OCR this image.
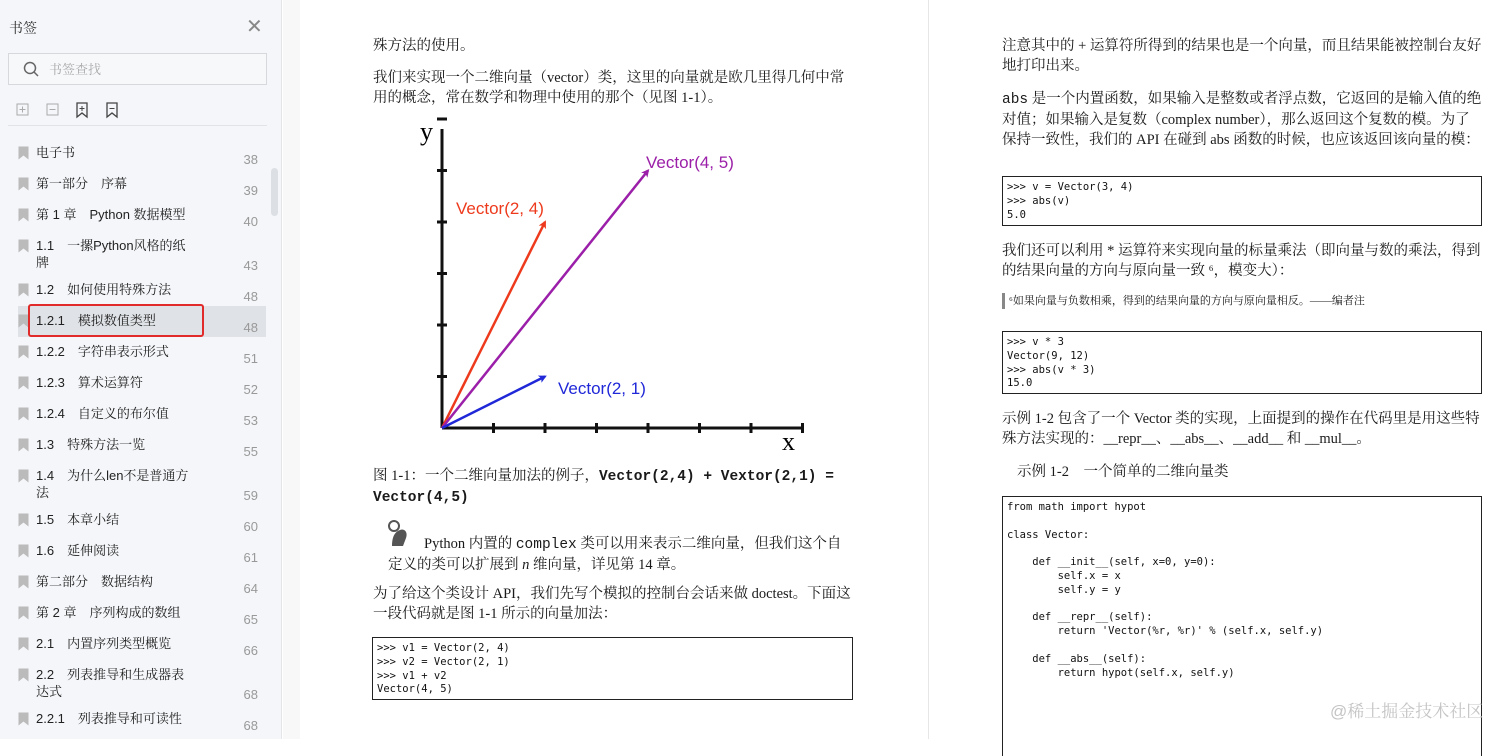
书签	✕
书签查找
电子书	38
第一部分　序幕	39
第 1 章　Python 数据模型	40
1.1　一摞Python风格的纸
牌	43
1.2　如何使用特殊方法	48
1.2.1　模拟数值类型	48
1.2.2　字符串表示形式	51
1.2.3　算术运算符	52
1.2.4　自定义的布尔值	53
1.3　特殊方法一览	55
1.4　为什么len不是普通方
法	59
1.5　本章小结	60
1.6　延伸阅读	61
第二部分　数据结构	64
第 2 章　序列构成的数组	65
2.1　内置序列类型概览	66
2.2　列表推导和生成器表
达式	68
2.2.1　列表推导和可读性	68
殊方法的使用。
我们来实现一个二维向量（vector）类，这里的向量就是欧几里得几何中常用的概念，常在数学和物理中使用的那个（见图 1-1）。
x
y
Vector(2, 4)
Vector(4, 5)
Vector(2, 1)
图 1-1：一个二维向量加法的例子，Vector(2,4) + Vextor(2,1) = Vector(4,5)
Python 内置的 complex 类可以用来表示二维向量，但我们这个自定义的类可以扩展到 n 维向量，详见第 14 章。
为了给这个类设计 API，我们先写个模拟的控制台会话来做 doctest。下面这一段代码就是图 1-1 所示的向量加法：
>>> v1 = Vector(2, 4)
>>> v2 = Vector(2, 1)
>>> v1 + v2
Vector(4, 5)
注意其中的 + 运算符所得到的结果也是一个向量，而且结果能被控制台友好地打印出来。
abs 是一个内置函数，如果输入是整数或者浮点数，它返回的是输入值的绝对值；如果输入是复数（complex number），那么返回这个复数的模。为了保持一致性，我们的 API 在碰到 abs 函数的时候，也应该返回该向量的模：
>>> v = Vector(3, 4)
>>> abs(v)
5.0
我们还可以利用 * 运算符来实现向量的标量乘法（即向量与数的乘法，得到的结果向量的方向与原向量一致 ⁶，模变大）：
⁶如果向量与负数相乘，得到的结果向量的方向与原向量相反。——编者注
>>> v * 3
Vector(9, 12)
>>> abs(v * 3)
15.0
示例 1-2 包含了一个 Vector 类的实现，上面提到的操作在代码里是用这些特殊方法实现的：__repr__、__abs__、__add__ 和 __mul__。
示例 1-2　一个简单的二维向量类
from math import hypot

class Vector:

def __init__(self, x=0, y=0):
self.x = x
self.y = y

def __repr__(self):
return 'Vector(%r, %r)' % (self.x, self.y)

def __abs__(self):
return hypot(self.x, self.y)
@稀土掘金技术社区
